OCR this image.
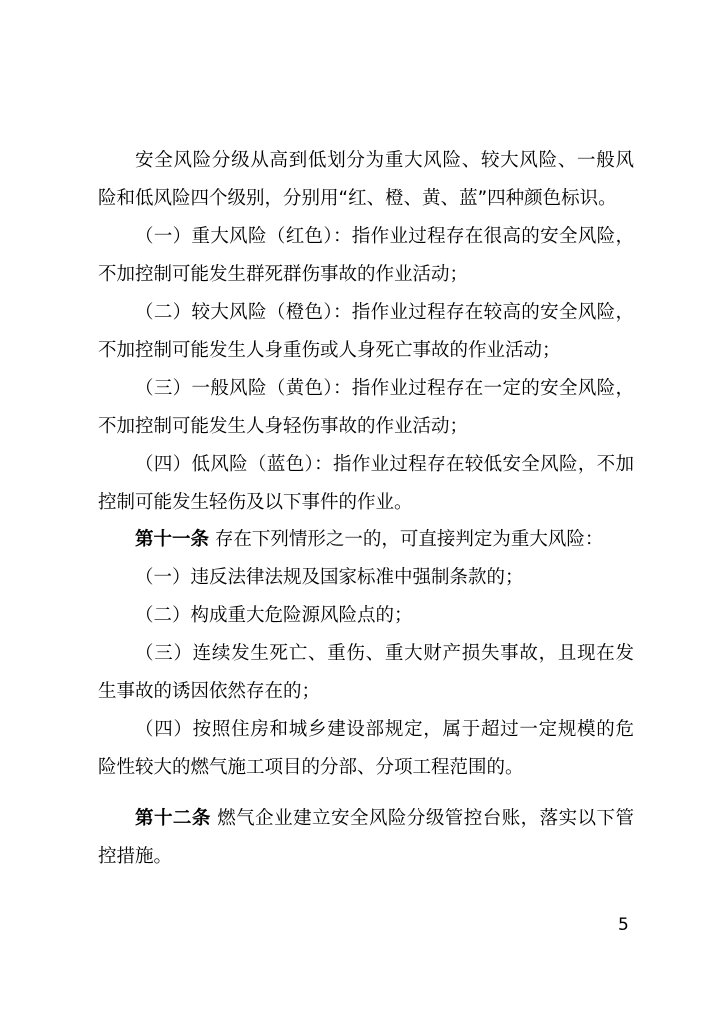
安全风险分级从高到低划分为重大风险、较大风险、一般风险和低风险四个级别，分别用“红、橙、黄、蓝”四种颜色标识。

（一）重大风险（红色）：指作业过程存在很高的安全风险，不加控制可能发生群死群伤事故的作业活动；

（二）较大风险（橙色）：指作业过程存在较高的安全风险，不加控制可能发生人身重伤或人身死亡事故的作业活动；

（三）一般风险（黄色）：指作业过程存在一定的安全风险，不加控制可能发生人身轻伤事故的作业活动；

（四）低风险（蓝色）：指作业过程存在较低安全风险，不加控制可能发生轻伤及以下事件的作业。

第十一条 存在下列情形之一的，可直接判定为重大风险：

（一）违反法律法规及国家标准中强制条款的；

（二）构成重大危险源风险点的；

（三）连续发生死亡、重伤、重大财产损失事故，且现在发生事故的诱因依然存在的；

（四）按照住房和城乡建设部规定，属于超过一定规模的危险性较大的燃气施工项目的分部、分项工程范围的。

第十二条 燃气企业建立安全风险分级管控台账，落实以下管控措施。

5
